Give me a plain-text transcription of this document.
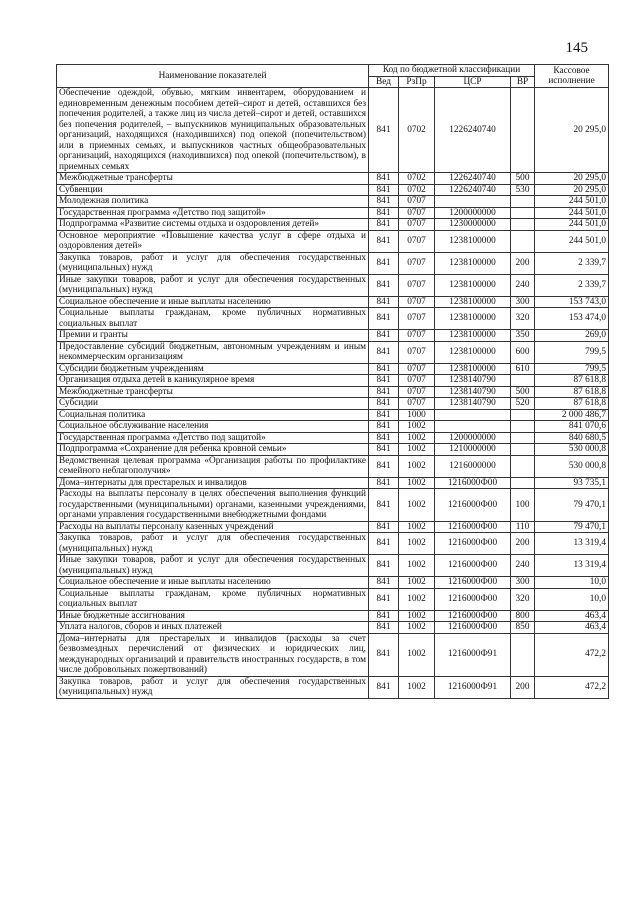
145
Наименование показателей	Код по бюджетной классификации				Кассовое исполнение
	Вед	РзПр	ЦСР	ВР	
Обеспечение одеждой, обувью, мягким инвентарем, оборудованием и единовременным денежным пособием детей–сирот и детей, оставшихся без попечения родителей, а также лиц из числа детей–сирот и детей, оставшихся без попечения родителей, – выпускников муниципальных образовательных организаций, находящихся (находившихся) под опекой (попечительством) или в приемных семьях, и выпускников частных общеобразовательных организаций, находящихся (находившихся) под опекой (попечительством), в приемных семьях	841	0702	1226240740		20 295,0
Межбюджетные трансферты	841	0702	1226240740	500	20 295,0
Субвенции	841	0702	1226240740	530	20 295,0
Молодежная политика	841	0707			244 501,0
Государственная программа «Детство под защитой»	841	0707	1200000000		244 501,0
Подпрограмма «Развитие системы отдыха и оздоровления детей»	841	0707	1230000000		244 501,0
Основное мероприятие «Повышение качества услуг в сфере отдыха и оздоровления детей»	841	0707	1238100000		244 501,0
Закупка товаров, работ и услуг для обеспечения государственных (муниципальных) нужд	841	0707	1238100000	200	2 339,7
Иные закупки товаров, работ и услуг для обеспечения государственных (муниципальных) нужд	841	0707	1238100000	240	2 339,7
Социальное обеспечение и иные выплаты населению	841	0707	1238100000	300	153 743,0
Социальные выплаты гражданам, кроме публичных нормативных социальных выплат	841	0707	1238100000	320	153 474,0
Премии и гранты	841	0707	1238100000	350	269,0
Предоставление субсидий бюджетным, автономным учреждениям и иным некоммерческим организациям	841	0707	1238100000	600	799,5
Субсидии бюджетным учреждениям	841	0707	1238100000	610	799,5
Организация отдыха детей в каникулярное время	841	0707	1238140790		87 618,8
Межбюджетные трансферты	841	0707	1238140790	500	87 618,8
Субсидии	841	0707	1238140790	520	87 618,8
Социальная политика	841	1000			2 000 486,7
Социальное обслуживание населения	841	1002			841 070,6
Государственная программа «Детство под защитой»	841	1002	1200000000		840 680,5
Подпрограмма «Сохранение для ребенка кровной семьи»	841	1002	1210000000		530 000,8
Ведомственная целевая программа «Организация работы по профилактике семейного неблагополучия»	841	1002	1216000000		530 000,8
Дома–интернаты для престарелых и инвалидов	841	1002	1216000Ф00		93 735,1
Расходы на выплаты персоналу в целях обеспечения выполнения функций государственными (муниципальными) органами, казенными учреждениями, органами управления государственными внебюджетными фондами	841	1002	1216000Ф00	100	79 470,1
Расходы на выплаты персоналу казенных учреждений	841	1002	1216000Ф00	110	79 470,1
Закупка товаров, работ и услуг для обеспечения государственных (муниципальных) нужд	841	1002	1216000Ф00	200	13 319,4
Иные закупки товаров, работ и услуг для обеспечения государственных (муниципальных) нужд	841	1002	1216000Ф00	240	13 319,4
Социальное обеспечение и иные выплаты населению	841	1002	1216000Ф00	300	10,0
Социальные выплаты гражданам, кроме публичных нормативных социальных выплат	841	1002	1216000Ф00	320	10,0
Иные бюджетные ассигнования	841	1002	1216000Ф00	800	463,4
Уплата налогов, сборов и иных платежей	841	1002	1216000Ф00	850	463,4
Дома–интернаты для престарелых и инвалидов (расходы за счет безвозмездных перечислений от физических и юридических лиц, международных организаций и правительств иностранных государств, в том числе добровольных пожертвований)	841	1002	1216000Ф91		472,2
Закупка товаров, работ и услуг для обеспечения государственных (муниципальных) нужд	841	1002	1216000Ф91	200	472,2
